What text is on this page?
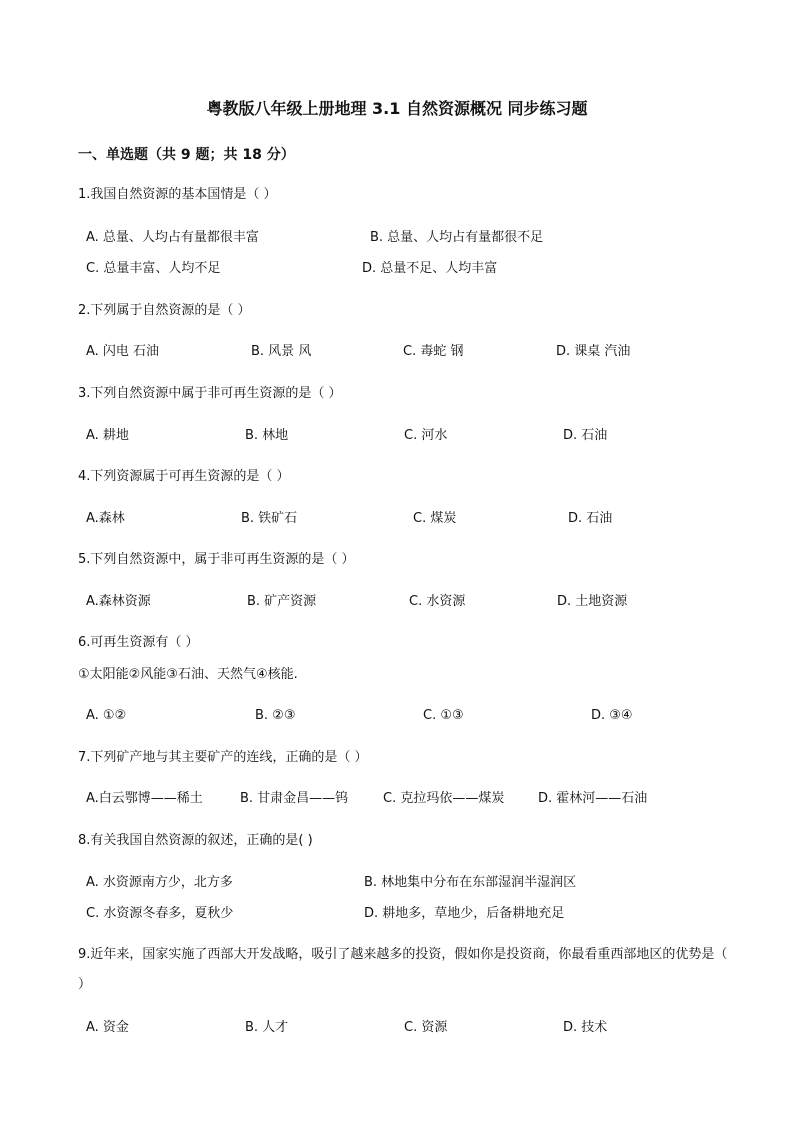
粤教版八年级上册地理 3.1 自然资源概况 同步练习题
一、单选题（共 9 题；共 18 分）
1.我国自然资源的基本国情是（ ）
A. 总量、人均占有量都很丰富	B. 总量、人均占有量都很不足
C. 总量丰富、人均不足	D. 总量不足、人均丰富
2.下列属于自然资源的是（ ）
A. 闪电 石油	B. 风景 风	C. 毒蛇 钢	D. 课桌 汽油
3.下列自然资源中属于非可再生资源的是（ ）
A. 耕地	B. 林地	C. 河水	D. 石油
4.下列资源属于可再生资源的是（ ）
A.森林	B. 铁矿石	C. 煤炭	D. 石油
5.下列自然资源中，属于非可再生资源的是（ ）
A.森林资源	B. 矿产资源	C. 水资源	D. 土地资源
6.可再生资源有（ ）
①太阳能②风能③石油、天然气④核能.
A. ①②	B. ②③	C. ①③	D. ③④
7.下列矿产地与其主要矿产的连线，正确的是（ ）
A.白云鄂博——稀土	B. 甘肃金昌——钨	C. 克拉玛依——煤炭	D. 霍林河——石油
8.有关我国自然资源的叙述，正确的是( )
A. 水资源南方少，北方多	B. 林地集中分布在东部湿润半湿润区
C. 水资源冬春多，夏秋少	D. 耕地多，草地少，后备耕地充足
9.近年来，国家实施了西部大开发战略，吸引了越来越多的投资，假如你是投资商，你最看重西部地区的优势是（ ）
A. 资金	B. 人才	C. 资源	D. 技术
